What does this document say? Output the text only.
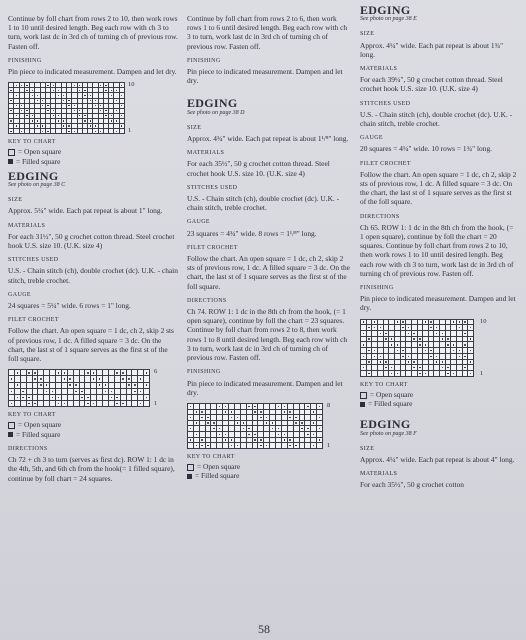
Continue by foll chart from rows 2 to 10, then work rows 1 to 10 until desired length. Beg each row with ch 3 to turn, work last dc in 3rd ch of turning ch of previous row. Fasten off.

FINISHING

Pin piece to indicated measurement. Dampen and let dry.

10
1
KEY TO CHART
= Open square
= Filled square
EDGING
See photo on page 38 C
SIZE

Approx. 5¼" wide. Each pat repeat is about 1" long.

MATERIALS

For each 31½", 50 g crochet cotton thread. Steel crochet hook U.S. size 10. (U.K. size 4)

STITCHES USED

U.S. - Chain stitch (ch), double crochet (dc). U.K. - chain stitch, treble crochet.

GAUGE

24 squares = 5¼" wide. 6 rows = 1" long.

FILET CROCHET

Follow the chart. An open square = 1 dc, ch 2, skip 2 sts of previous row, 1 dc. A filled square = 3 dc. On the chart, the last st of 1 square serves as the first st of the foll square.

6
1
KEY TO CHART
= Open square
= Filled square
DIRECTIONS

Ch 72 + ch 3 to turn (serves as first dc). ROW 1: 1 dc in the 4th, 5th, and 6th ch from the hook(= 1 filled square), continue by foll chart = 24 squares.

Continue by foll chart from rows 2 to 6, then work rows 1 to 6 until desired length. Beg each row with ch 3 to turn, work last dc in 3rd ch of turning ch of previous row. Fasten off.

FINISHING

Pin piece to indicated measurement. Dampen and let dry.

EDGING
See photo on page 38 D
SIZE

Approx. 4¾" wide. Each pat repeat is about 1¹/⁸" long.

MATERIALS

For each 35½", 50 g crochet cotton thread. Steel crochet hook U.S. size 10. (U.K. size 4)

STITCHES USED

U.S. - Chain stitch (ch), double crochet (dc). U.K. - chain stitch, treble crochet.

GAUGE

23 squares = 4¾" wide. 8 rows = 1¹/⁸" long.

FILET CROCHET

Follow the chart. An open square = 1 dc, ch 2, skip 2 sts of previous row, 1 dc. A filled square = 3 dc. On the chart, the last st of 1 square serves as the first st of the foll square.

DIRECTIONS

Ch 74. ROW 1: 1 dc in the 8th ch from the hook, (= 1 open square), continue by foll the chart = 23 squares. Continue by foll chart from rows 2 to 8, then work rows 1 to 8 until desired length. Beg each row with ch 3 to turn, work last dc in 3rd ch of turning ch of previous row. Fasten off.

FINISHING

Pin piece to indicated measurement. Dampen and let dry.

8
1
KEY TO CHART
= Open square
= Filled square
EDGING
See photo on page 38 E
SIZE

Approx. 4¼" wide. Each pat repeat is about 1¾" long.

MATERIALS

For each 39¼", 50 g crochet cotton thread. Steel crochet hook U.S. size 10. (U.K. size 4)

STITCHES USED

U.S. - Chain stitch (ch), double crochet (dc). U.K. - chain stitch, treble crochet.

GAUGE

20 squares = 4¼" wide. 10 rows = 1¾" long.

FILET CROCHET

Follow the chart. An open square = 1 dc, ch 2, skip 2 sts of previous row, 1 dc. A filled square = 3 dc. On the chart, the last st of 1 square serves as the first st of the foll square.

DIRECTIONS

Ch 65. ROW 1: 1 dc in the 8th ch from the hook, (= 1 open square), continue by foll the chart = 20 squares. Continue by foll chart from rows 2 to 10, then work rows 1 to 10 until desired length. Beg each row with ch 3 to turn, work last dc in 3rd ch of turning ch of previous row. Fasten off.

FINISHING

Pin piece to indicated measurement. Dampen and let dry.

10
1
KEY TO CHART
= Open square
= Filled square
EDGING
See photo on page 38 F
SIZE

Approx. 4¼" wide. Each pat repeat is about 4" long.

MATERIALS

For each 35½", 50 g crochet cotton

58
